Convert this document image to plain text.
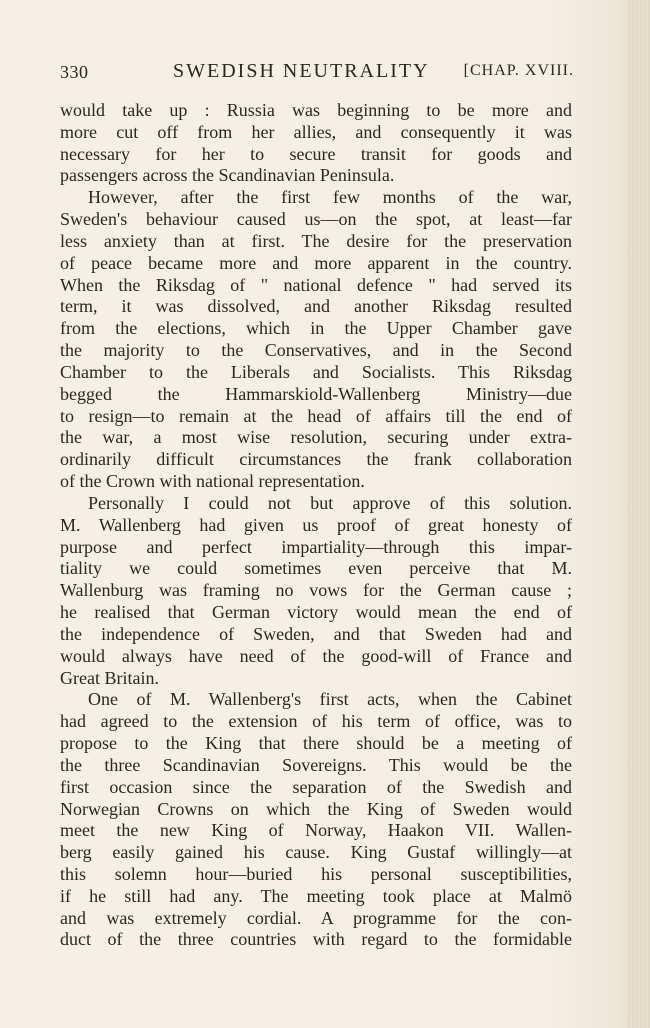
330	SWEDISH NEUTRALITY [CHAP. XVIII.
would take up : Russia was beginning to be more and
more cut off from her allies, and consequently it was
necessary for her to secure transit for goods and
passengers across the Scandinavian Peninsula.
However, after the first few months of the war,
Sweden's behaviour caused us—on the spot, at least—far
less anxiety than at first. The desire for the preservation
of peace became more and more apparent in the country.
When the Riksdag of " national defence " had served its
term, it was dissolved, and another Riksdag resulted
from the elections, which in the Upper Chamber gave
the majority to the Conservatives, and in the Second
Chamber to the Liberals and Socialists. This Riksdag
begged the Hammarskiold-Wallenberg Ministry—due
to resign—to remain at the head of affairs till the end of
the war, a most wise resolution, securing under extra-
ordinarily difficult circumstances the frank collaboration
of the Crown with national representation.
Personally I could not but approve of this solution.
M. Wallenberg had given us proof of great honesty of
purpose and perfect impartiality—through this impar-
tiality we could sometimes even perceive that M.
Wallenburg was framing no vows for the German cause ;
he realised that German victory would mean the end of
the independence of Sweden, and that Sweden had and
would always have need of the good-will of France and
Great Britain.
One of M. Wallenberg's first acts, when the Cabinet
had agreed to the extension of his term of office, was to
propose to the King that there should be a meeting of
the three Scandinavian Sovereigns. This would be the
first occasion since the separation of the Swedish and
Norwegian Crowns on which the King of Sweden would
meet the new King of Norway, Haakon VII. Wallen-
berg easily gained his cause. King Gustaf willingly—at
this solemn hour—buried his personal susceptibilities,
if he still had any. The meeting took place at Malmö
and was extremely cordial. A programme for the con-
duct of the three countries with regard to the formidable
